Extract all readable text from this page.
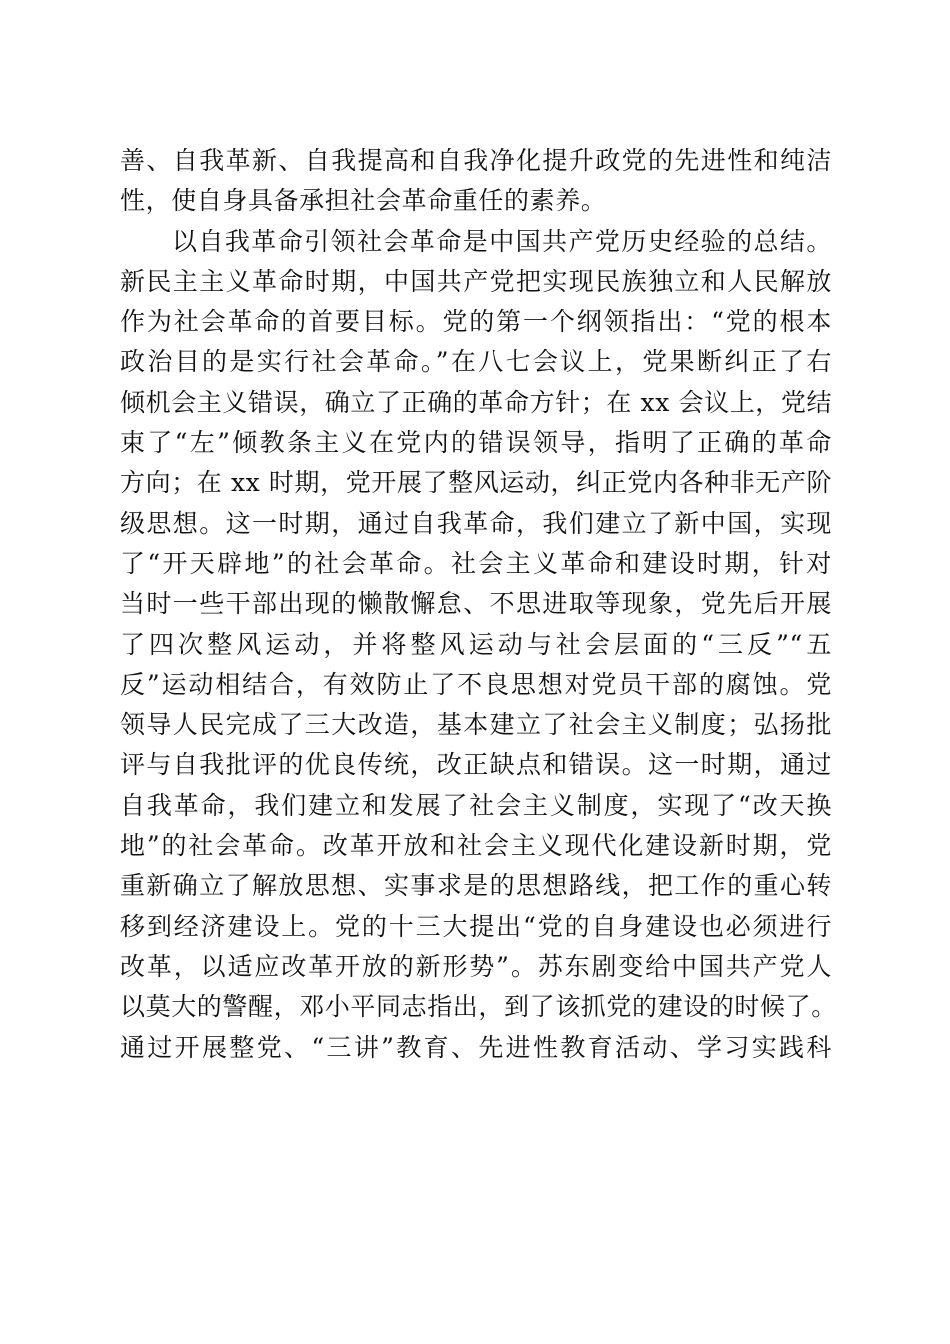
善、自我革新、自我提高和自我净化提升政党的先进性和纯洁
性，使自身具备承担社会革命重任的素养。
以自我革命引领社会革命是中国共产党历史经验的总结。
新民主主义革命时期，中国共产党把实现民族独立和人民解放
作为社会革命的首要目标。党的第一个纲领指出：“党的根本
政治目的是实行社会革命。”在八七会议上，党果断纠正了右
倾机会主义错误，确立了正确的革命方针；在 xx 会议上，党结
束了“左”倾教条主义在党内的错误领导，指明了正确的革命
方向；在 xx 时期，党开展了整风运动，纠正党内各种非无产阶
级思想。这一时期，通过自我革命，我们建立了新中国，实现
了“开天辟地”的社会革命。社会主义革命和建设时期，针对
当时一些干部出现的懒散懈怠、不思进取等现象，党先后开展
了四次整风运动，并将整风运动与社会层面的“三反”“五
反”运动相结合，有效防止了不良思想对党员干部的腐蚀。党
领导人民完成了三大改造，基本建立了社会主义制度；弘扬批
评与自我批评的优良传统，改正缺点和错误。这一时期，通过
自我革命，我们建立和发展了社会主义制度，实现了“改天换
地”的社会革命。改革开放和社会主义现代化建设新时期，党
重新确立了解放思想、实事求是的思想路线，把工作的重心转
移到经济建设上。党的十三大提出“党的自身建设也必须进行
改革，以适应改革开放的新形势”。苏东剧变给中国共产党人
以莫大的警醒，邓小平同志指出，到了该抓党的建设的时候了。
通过开展整党、“三讲”教育、先进性教育活动、学习实践科
